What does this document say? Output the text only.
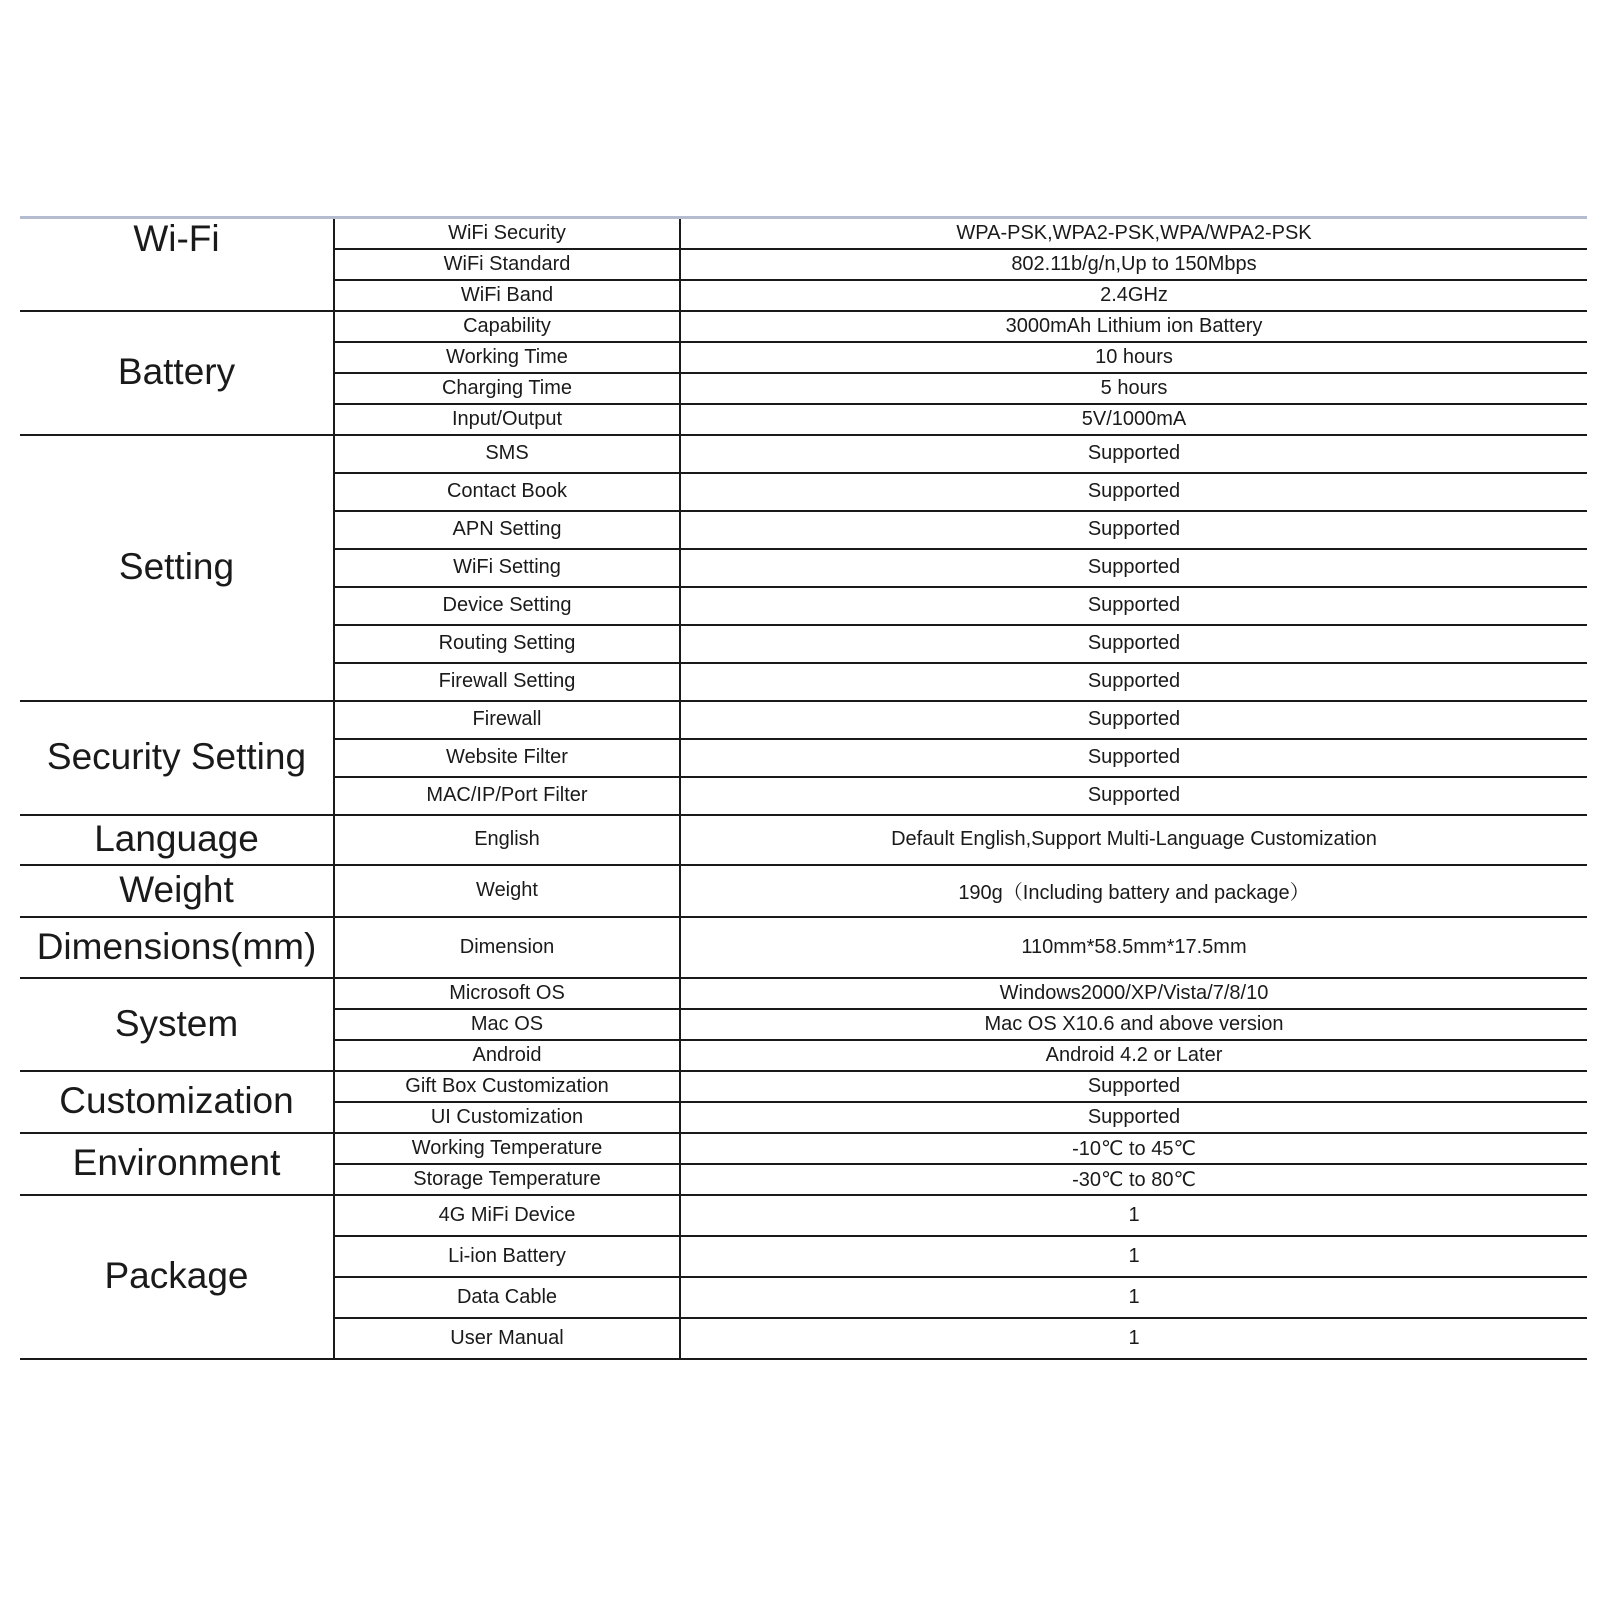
Wi-Fi	WiFi Security	WPA-PSK,WPA2-PSK,WPA/WPA2-PSK
	WiFi Standard	802.11b/g/n,Up to 150Mbps
	WiFi Band	2.4GHz
Battery	Capability	3000mAh Lithium ion Battery
	Working Time	10 hours
	Charging Time	5 hours
	Input/Output	5V/1000mA
Setting	SMS	Supported
	Contact Book	Supported
	APN Setting	Supported
	WiFi Setting	Supported
	Device Setting	Supported
	Routing Setting	Supported
	Firewall Setting	Supported
Security Setting	Firewall	Supported
	Website Filter	Supported
	MAC/IP/Port Filter	Supported
Language	English	Default English,Support Multi-Language Customization
Weight	Weight	190g（Including battery and package）
Dimensions(mm)	Dimension	110mm*58.5mm*17.5mm
System	Microsoft OS	Windows2000/XP/Vista/7/8/10
	Mac OS	Mac OS X10.6 and above version
	Android	Android 4.2 or Later
Customization	Gift Box Customization	Supported
	UI Customization	Supported
Environment	Working Temperature	-10℃ to 45℃
	Storage Temperature	-30℃ to 80℃
Package	4G MiFi Device	1
	Li-ion Battery	1
	Data Cable	1
	User Manual	1
